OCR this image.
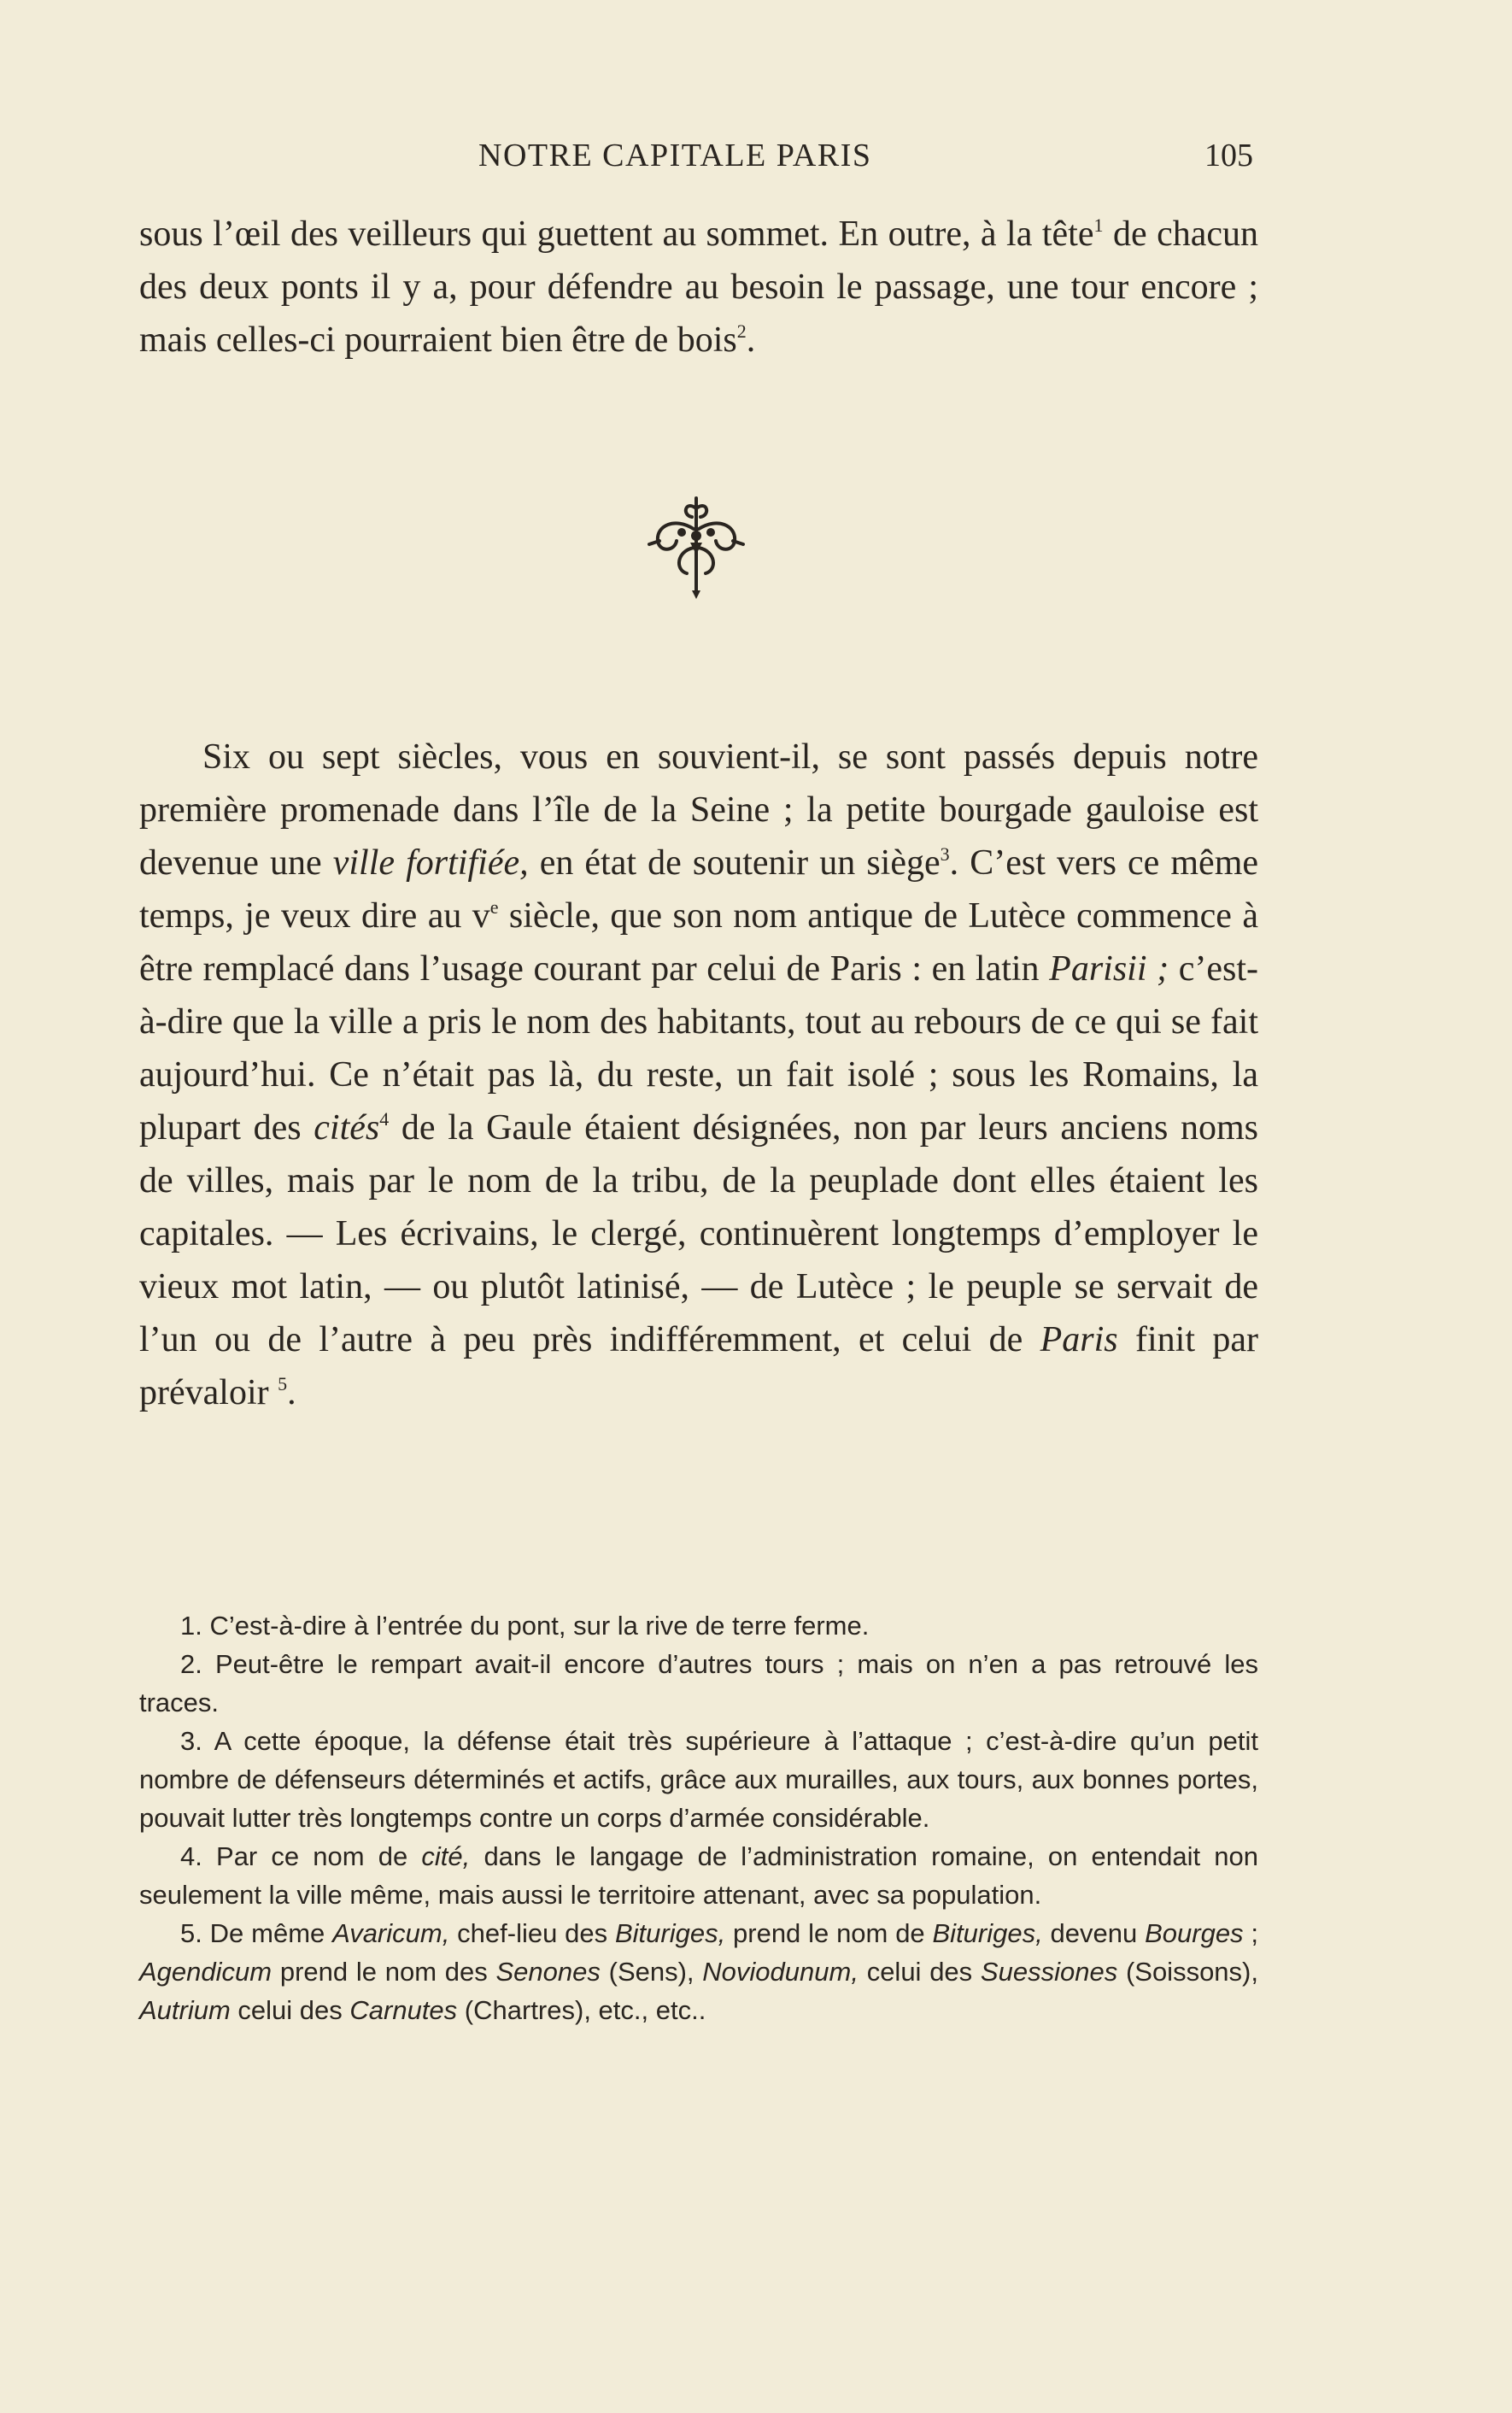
NOTRE CAPITALE PARIS	105

sous l’œil des veilleurs qui guettent au sommet. En outre, à la tête$^1$ de chacun des deux ponts il y a, pour défendre au besoin le passage, une tour encore ; mais celles-ci pourraient bien être de bois$^2$.

Six ou sept siècles, vous en souvient-il, se sont passés depuis notre première promenade dans l’île de la Seine ; la petite bourgade gauloise est devenue une ville fortifiée, en état de soutenir un siège$^3$. C’est vers ce même temps, je veux dire au $v^e$ siècle, que son nom antique de Lutèce commence à être remplacé dans l’usage courant par celui de Paris : en latin Parisii ; c’est-à-dire que la ville a pris le nom des habitants, tout au rebours de ce qui se fait aujourd’hui. Ce n’était pas là, du reste, un fait isolé ; sous les Romains, la plupart des cités$^4$ de la Gaule étaient désignées, non par leurs anciens noms de villes, mais par le nom de la tribu, de la peuplade dont elles étaient les capitales. — Les écrivains, le clergé, continuèrent longtemps d’employer le vieux mot latin, — ou plutôt latinisé, — de Lutèce ; le peuple se servait de l’un ou de l’autre à peu près indifféremment, et celui de Paris finit par prévaloir $^5$.

1. C’est-à-dire à l’entrée du pont, sur la rive de terre ferme.

2. Peut-être le rempart avait-il encore d’autres tours ; mais on n’en a pas retrouvé les traces.

3. A cette époque, la défense était très supérieure à l’attaque ; c’est-à-dire qu’un petit nombre de défenseurs déterminés et actifs, grâce aux murailles, aux tours, aux bonnes portes, pouvait lutter très longtemps contre un corps d’armée considérable.

4. Par ce nom de cité, dans le langage de l’administration romaine, on entendait non seulement la ville même, mais aussi le territoire attenant, avec sa population.

5. De même Avaricum, chef-lieu des Bituriges, prend le nom de Bituriges, devenu Bourges ; Agendicum prend le nom des Senones (Sens), Noviodunum, celui des Suessiones (Soissons), Autrium celui des Carnutes (Chartres), etc., etc..
